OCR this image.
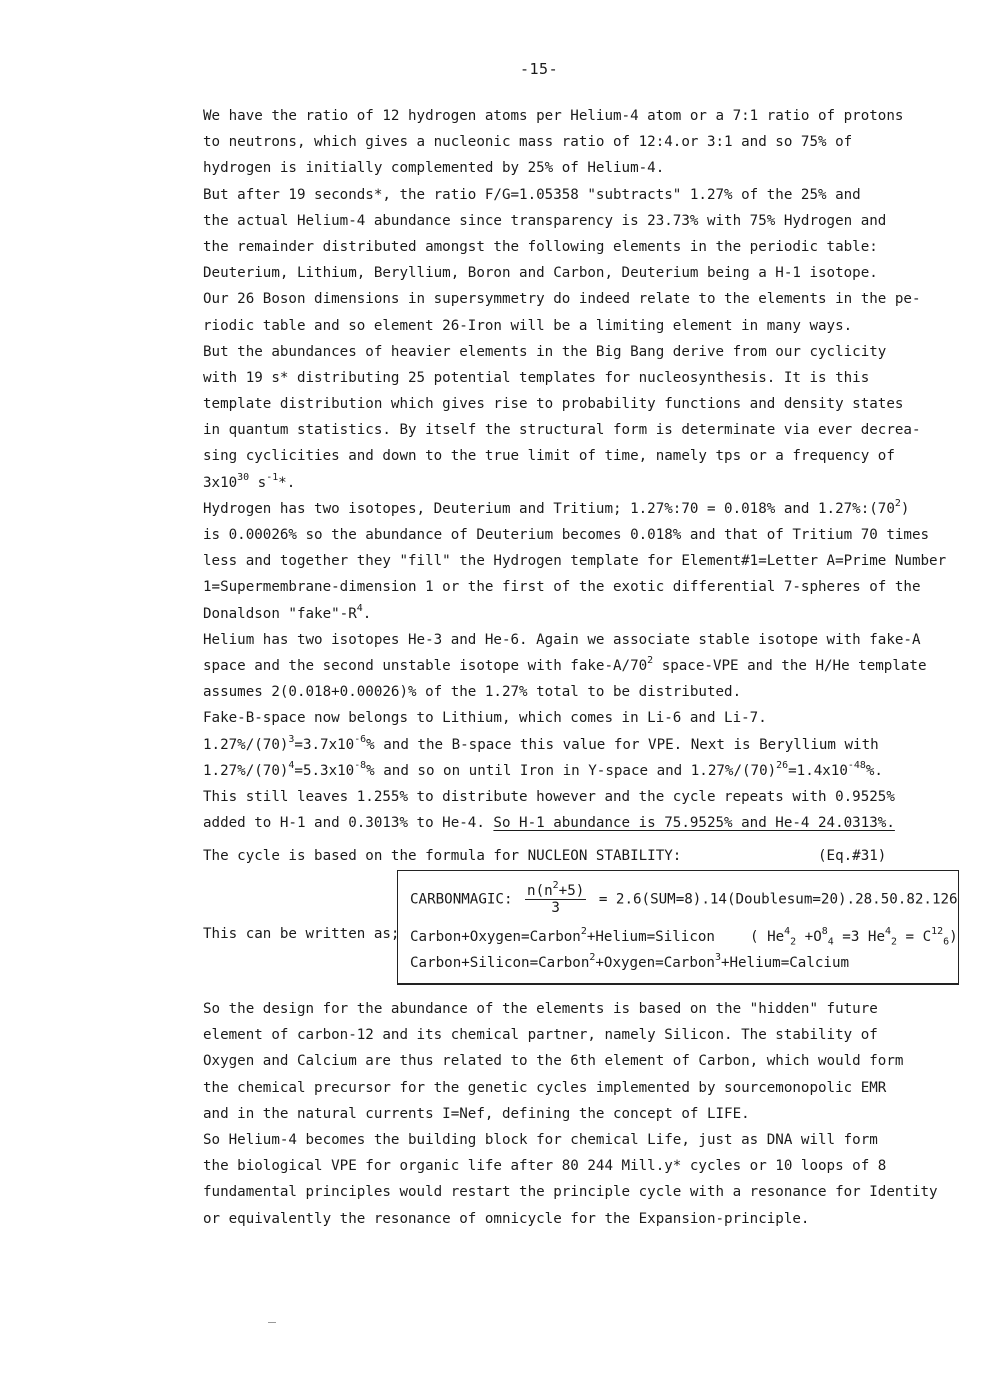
-15-
We have the ratio of 12 hydrogen atoms per Helium-4 atom or a 7:1 ratio of protons
to neutrons, which gives a nucleonic mass ratio of 12:4.or 3:1 and so 75% of
hydrogen is initially complemented by 25% of Helium-4.
But after 19 seconds*, the ratio F/G=1.05358 "subtracts" 1.27% of the 25% and
the actual Helium-4 abundance since transparency is 23.73% with 75% Hydrogen and
the remainder distributed amongst the following elements in the periodic table:
Deuterium, Lithium, Beryllium, Boron and Carbon, Deuterium being a H-1 isotope.
Our 26 Boson dimensions in supersymmetry do indeed relate to the elements in the pe-
riodic table and so element 26-Iron will be a limiting element in many ways.
But the abundances of heavier elements in the Big Bang derive from our cyclicity
with 19 s* distributing 25 potential templates for nucleosynthesis. It is this
template distribution which gives rise to probability functions and density states
in quantum statistics. By itself the structural form is determinate via ever decrea-
sing cyclicities and down to the true limit of time, namely tps or a frequency of
$3x10^{30}$ $s^{-1}*$.
Hydrogen has two isotopes, Deuterium and Tritium; 1.27%:70 = 0.018% and $1.27\%:(70^2)$
is 0.00026% so the abundance of Deuterium becomes 0.018% and that of Tritium 70 times
less and together they "fill" the Hydrogen template for Element#1=Letter A=Prime Number
1=Supermembrane-dimension 1 or the first of the exotic differential 7-spheres of the
Donaldson "$fake"-R^4$.
Helium has two isotopes He-3 and He-6. Again we associate stable isotope with fake-A
space and the second unstable isotope with fake-$A/70^2$ space-VPE and the H/He template
assumes 2(0.018+0.00026)% of the 1.27% total to be distributed.
Fake-B-space now belongs to Lithium, which comes in Li-6 and Li-7.
$1.27\%/(70)^3=3.7x10^{-6}\%$ and the B-space this value for VPE. Next is Beryllium with
$1.27\%/(70)^4=5.3x10^{-8}\%$ and so on until Iron in Y-space and $1.27\%/(70)^{26}=1.4x10^{-48}\%$.
This still leaves 1.255% to distribute however and the cycle repeats with 0.9525%
added to H-1 and 0.3013% to He-4. So H-1 abundance is 75.9525% and He-4 24.0313%.
The cycle is based on the formula for NUCLEON STABILITY:	(Eq.#31)
This can be written as;
CARBONMAGIC: $\frac{n(n^2+5)}{3}$ = 2.6(SUM=8).14(Doublesum=20).28.50.82.126
Carbon+Oxygen=Carbon$^2$+Helium=Silicon ( $He^4_2 +O^8_4 =3$ $He^4_2 = C^{12}_6$)
Carbon+Silicon=Carbon$^2$+Oxygen=Carbon$^3$+Helium=Calcium
So the design for the abundance of the elements is based on the "hidden" future
element of carbon-12 and its chemical partner, namely Silicon. The stability of
Oxygen and Calcium are thus related to the 6th element of Carbon, which would form
the chemical precursor for the genetic cycles implemented by sourcemonopolic EMR
and in the natural currents I=Nef, defining the concept of LIFE.
So Helium-4 becomes the building block for chemical Life, just as DNA will form
the biological VPE for organic life after 80 244 Mill.y* cycles or 10 loops of 8
fundamental principles would restart the principle cycle with a resonance for Identity
or equivalently the resonance of omnicycle for the Expansion-principle.
